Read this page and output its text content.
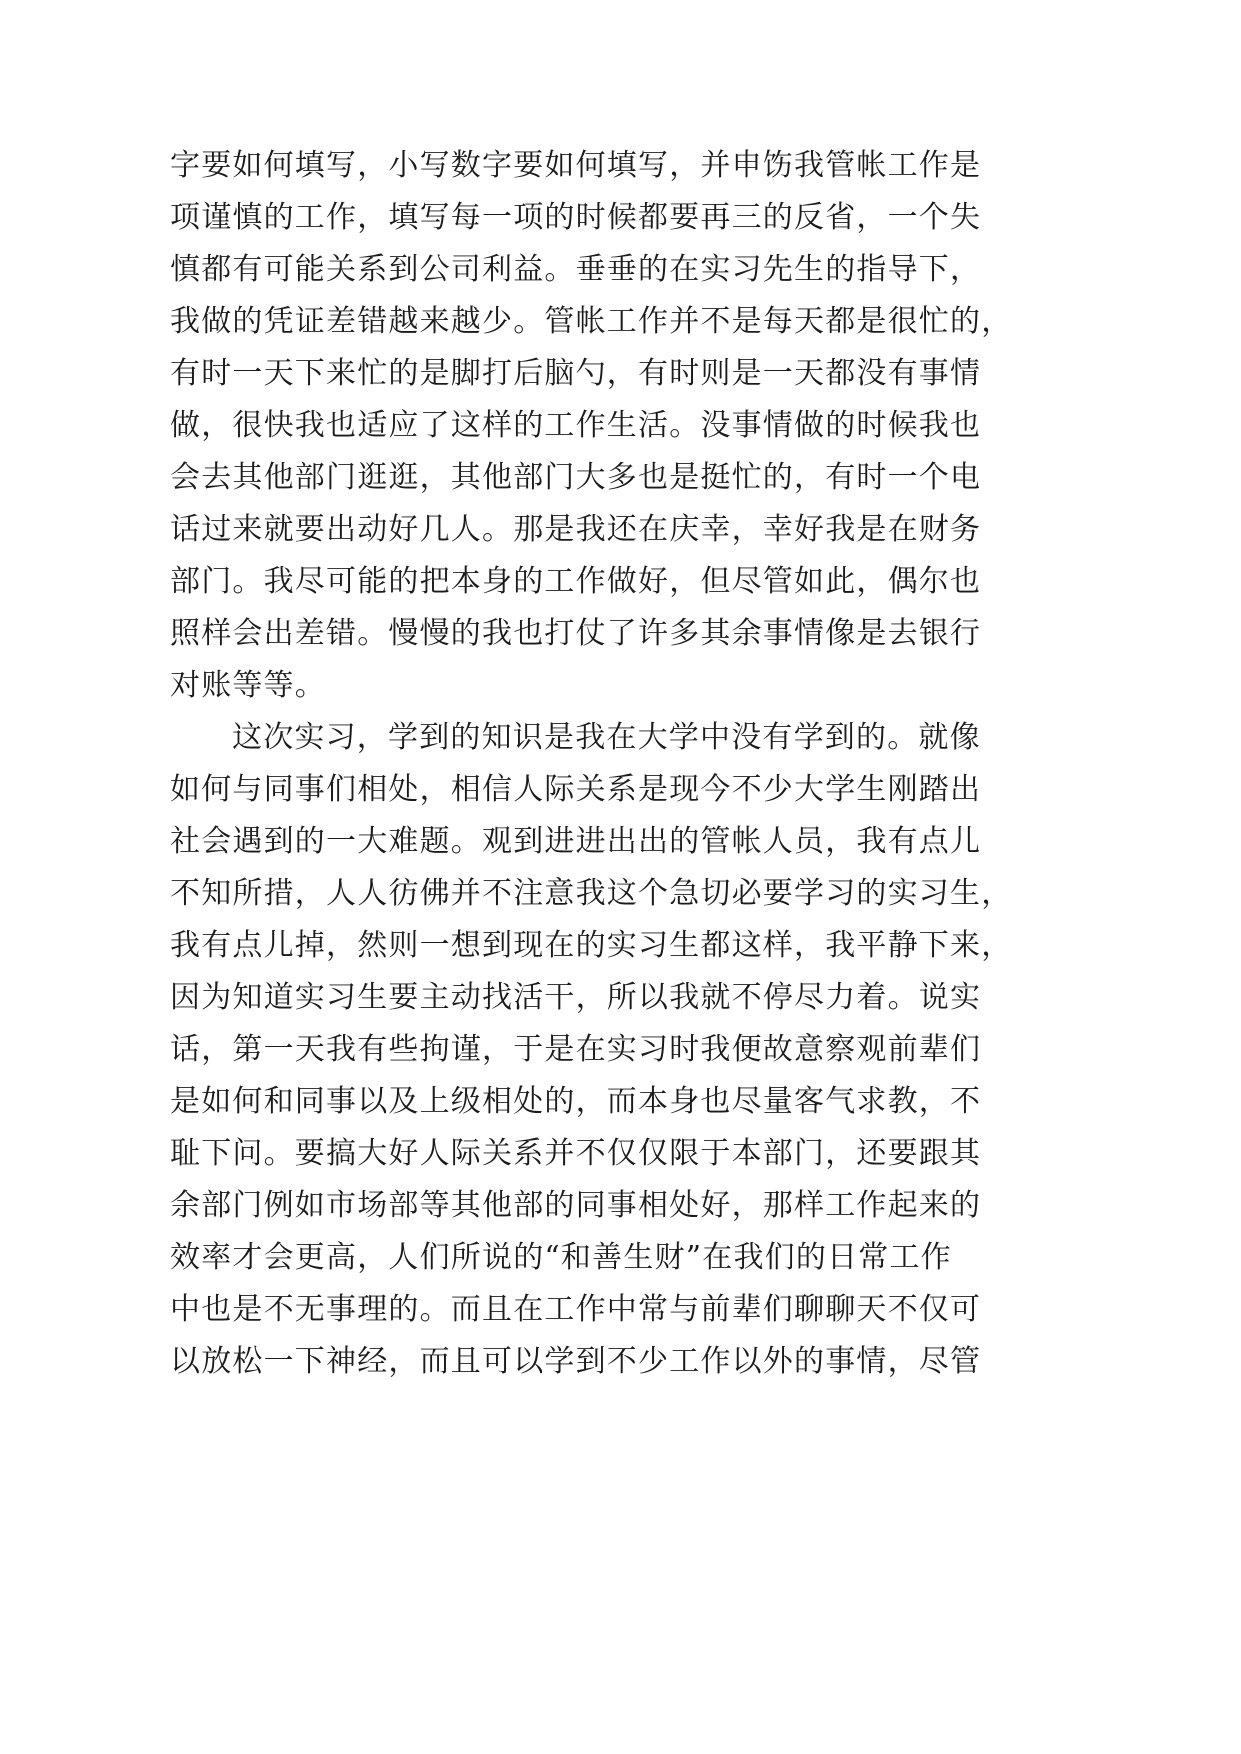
字要如何填写，小写数字要如何填写，并申饬我管帐工作是
项谨慎的工作，填写每一项的时候都要再三的反省，一个失
慎都有可能关系到公司利益。垂垂的在实习先生的指导下，
我做的凭证差错越来越少。管帐工作并不是每天都是很忙的，
有时一天下来忙的是脚打后脑勺，有时则是一天都没有事情
做，很快我也适应了这样的工作生活。没事情做的时候我也
会去其他部门逛逛，其他部门大多也是挺忙的，有时一个电
话过来就要出动好几人。那是我还在庆幸，幸好我是在财务
部门。我尽可能的把本身的工作做好，但尽管如此，偶尔也
照样会出差错。慢慢的我也打仗了许多其余事情像是去银行
对账等等。
这次实习，学到的知识是我在大学中没有学到的。就像
如何与同事们相处，相信人际关系是现今不少大学生刚踏出
社会遇到的一大难题。观到进进出出的管帐人员，我有点儿
不知所措，人人彷佛并不注意我这个急切必要学习的实习生，
我有点儿掉，然则一想到现在的实习生都这样，我平静下来，
因为知道实习生要主动找活干，所以我就不停尽力着。说实
话，第一天我有些拘谨，于是在实习时我便故意察观前辈们
是如何和同事以及上级相处的，而本身也尽量客气求教，不
耻下问。要搞大好人际关系并不仅仅限于本部门，还要跟其
余部门例如市场部等其他部的同事相处好，那样工作起来的
效率才会更高，人们所说的“和善生财”在我们的日常工作
中也是不无事理的。而且在工作中常与前辈们聊聊天不仅可
以放松一下神经，而且可以学到不少工作以外的事情，尽管
